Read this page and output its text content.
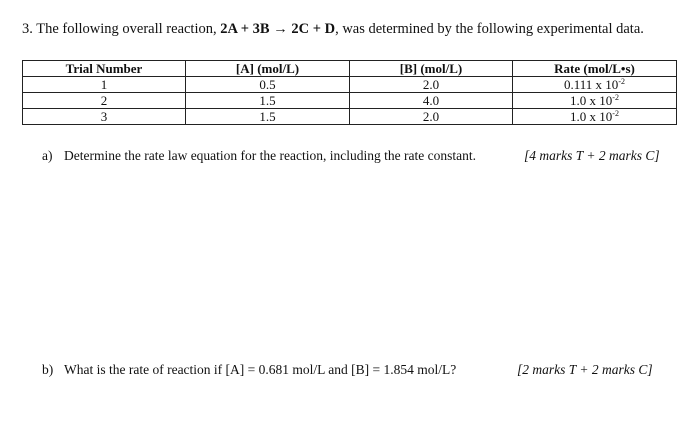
3. The following overall reaction, 2A + 3B → 2C + D, was determined by the following experimental data.
Trial Number	[A] (mol/L)	[B] (mol/L)	Rate (mol/L•s)
1	0.5	2.0	0.111 x $10^{-2}$
2	1.5	4.0	1.0 x $10^{-2}$
3	1.5	2.0	1.0 x $10^{-2}$
a) Determine the rate law equation for the reaction, including the rate constant.	[4 marks T + 2 marks C]
b) What is the rate of reaction if [A] = 0.681 mol/L and [B] = 1.854 mol/L?	[2 marks T + 2 marks C]
